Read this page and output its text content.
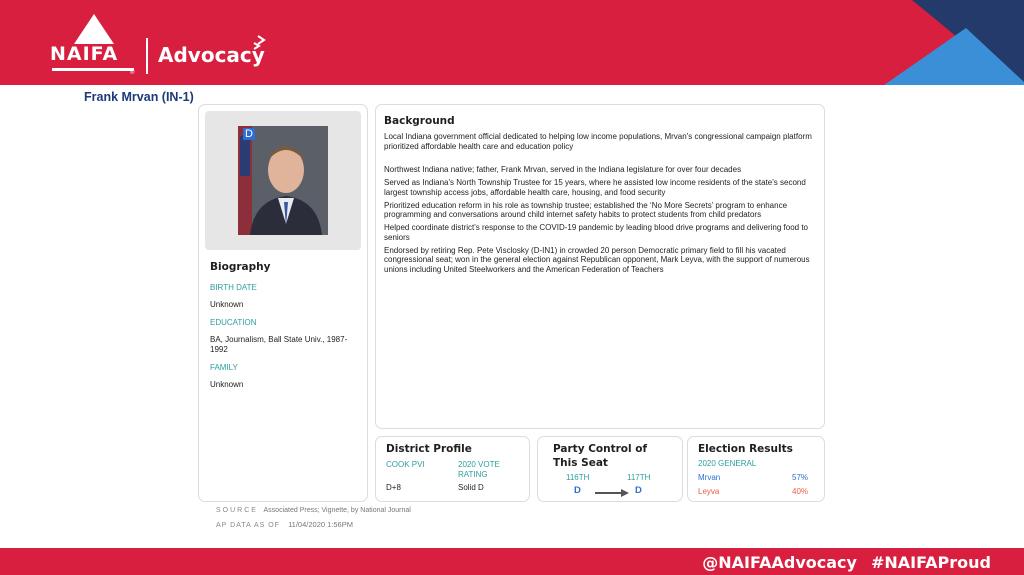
NAIFA
®
Advocacy
Frank Mrvan (IN-1)
D
Biography
BIRTH DATE
Unknown
EDUCATION
BA, Journalism, Ball State Univ., 1987-1992
FAMILY
Unknown
Background
Local Indiana government official dedicated to helping low income populations, Mrvan's congressional campaign platform prioritized affordable health care and education policy
Northwest Indiana native; father, Frank Mrvan, served in the Indiana legislature for over four decades
Served as Indiana's North Township Trustee for 15 years, where he assisted low income residents of the state's second largest township access jobs, affordable health care, housing, and food security
Prioritized education reform in his role as township trustee; established the ‘No More Secrets’ program to enhance programming and conversations around child internet safety habits to protect students from child predators
Helped coordinate district's response to the COVID-19 pandemic by leading blood drive programs and delivering food to seniors
Endorsed by retiring Rep. Pete Visclosky (D-IN1) in crowded 20 person Democratic primary field to fill his vacated congressional seat; won in the general election against Republican opponent, Mark Leyva, with the support of numerous unions including United Steelworkers and the American Federation of Teachers
District Profile
COOK PVI	2020 VOTE RATING
D+8	Solid D
Party Control of This Seat
116TH	117TH
D	D
Election Results
2020 GENERAL
Mrvan	57%
Leyva	40%
SOURCE Associated Press; Vignette, by National Journal
AP DATA AS OF 11/04/2020 1:56PM
@NAIFAAdvocacy #NAIFAProud
